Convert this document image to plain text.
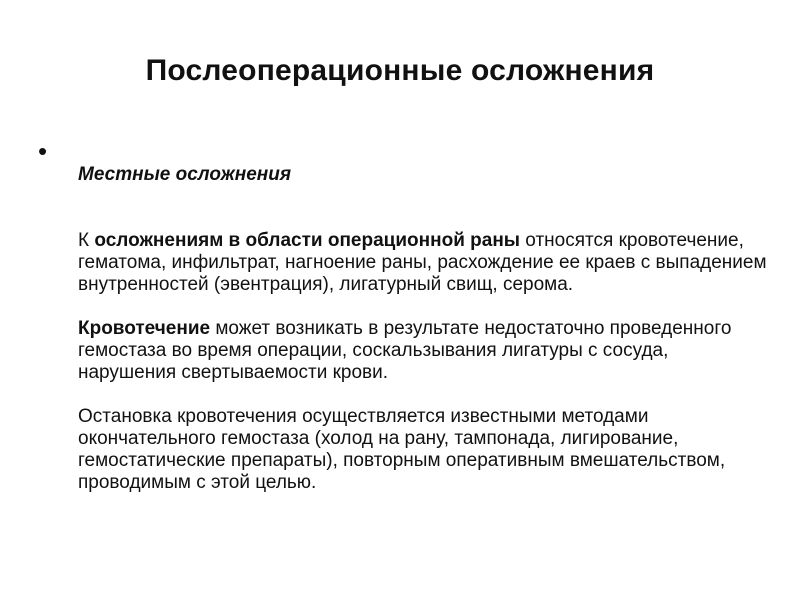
Послеоперационные осложнения
•
Местные осложнения

К осложнениям в области операционной раны относятся кровотечение, гематома, инфильтрат, нагноение раны, расхождение ее краев с выпадением внутренностей (эвентрация), лигатурный свищ, серома.

Кровотечение может возникать в результате недостаточно проведенного гемостаза во время операции, соскальзывания лигатуры с сосуда, нарушения свертываемости крови.

Остановка кровотечения осуществляется известными методами окончательного гемостаза (холод на рану, тампонада, лигирование, гемостатические препараты), повторным оперативным вмешательством, проводимым с этой целью.
